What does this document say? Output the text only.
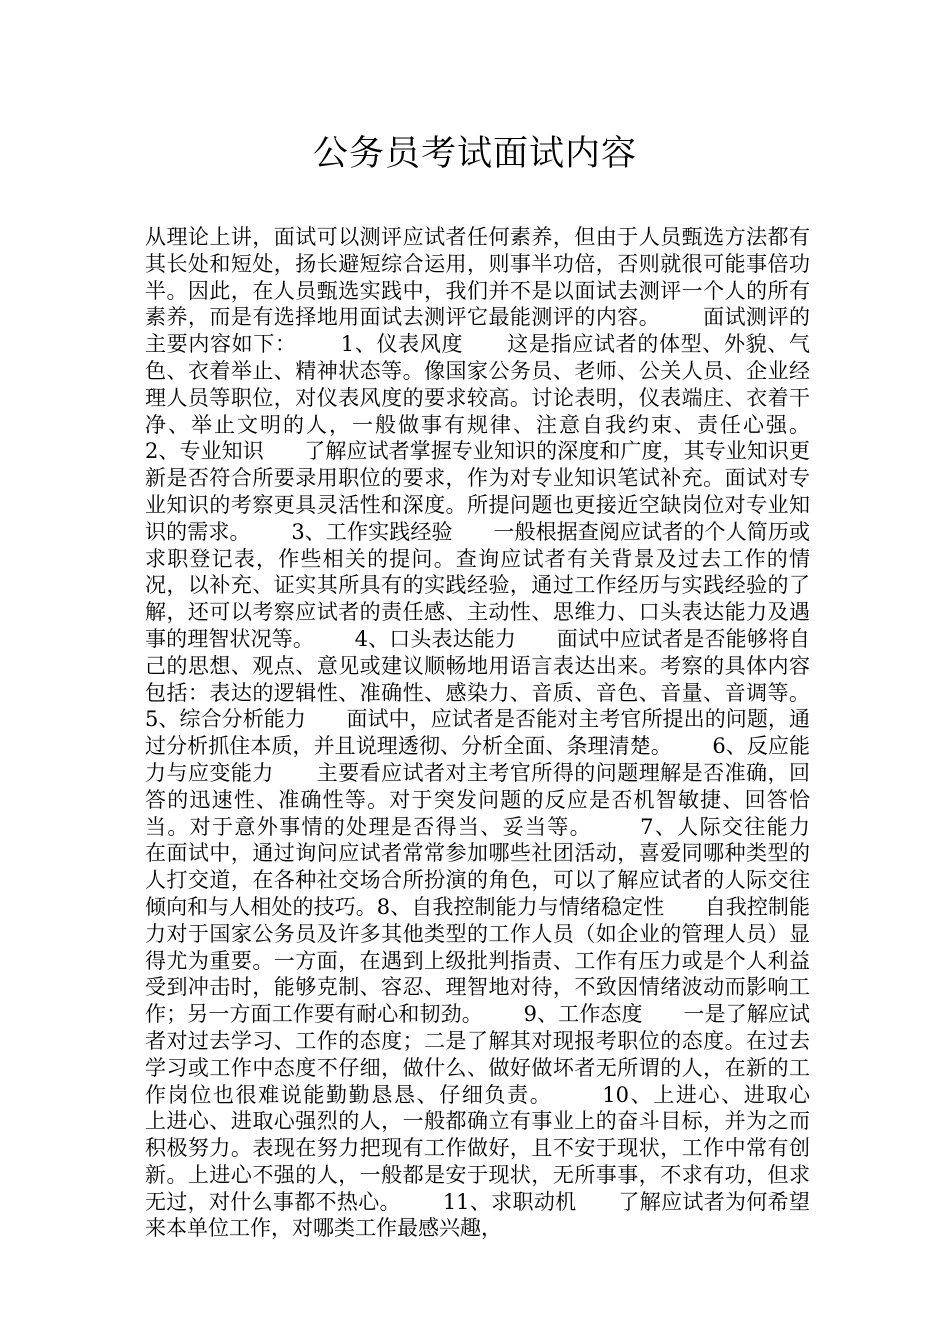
公务员考试面试内容

从理论上讲，面试可以测评应试者任何素养，但由于人员甄选方法都有其长处和短处，扬长避短综合运用，则事半功倍，否则就很可能事倍功半。因此，在人员甄选实践中，我们并不是以面试去测评一个人的所有素养，而是有选择地用面试去测评它最能测评的内容。      面试测评的主要内容如下：      1、仪表风度      这是指应试者的体型、外貌、气色、衣着举止、精神状态等。像国家公务员、老师、公关人员、企业经理人员等职位，对仪表风度的要求较高。讨论表明，仪表端庄、衣着干净、举止文明的人，一般做事有规律、注意自我约束、责任心强。      2、专业知识      了解应试者掌握专业知识的深度和广度，其专业知识更新是否符合所要录用职位的要求，作为对专业知识笔试补充。面试对专业知识的考察更具灵活性和深度。所提问题也更接近空缺岗位对专业知识的需求。      3、工作实践经验      一般根据查阅应试者的个人简历或求职登记表，作些相关的提问。查询应试者有关背景及过去工作的情况，以补充、证实其所具有的实践经验，通过工作经历与实践经验的了解，还可以考察应试者的责任感、主动性、思维力、口头表达能力及遇事的理智状况等。      4、口头表达能力      面试中应试者是否能够将自己的思想、观点、意见或建议顺畅地用语言表达出来。考察的具体内容包括：表达的逻辑性、准确性、感染力、音质、音色、音量、音调等。5、综合分析能力      面试中，应试者是否能对主考官所提出的问题，通过分析抓住本质，并且说理透彻、分析全面、条理清楚。      6、反应能力与应变能力      主要看应试者对主考官所得的问题理解是否准确，回答的迅速性、准确性等。对于突发问题的反应是否机智敏捷、回答恰当。对于意外事情的处理是否得当、妥当等。      7、人际交往能力      在面试中，通过询问应试者常常参加哪些社团活动，喜爱同哪种类型的人打交道，在各种社交场合所扮演的角色，可以了解应试者的人际交往倾向和与人相处的技巧。8、自我控制能力与情绪稳定性      自我控制能力对于国家公务员及许多其他类型的工作人员（如企业的管理人员）显得尤为重要。一方面，在遇到上级批判指责、工作有压力或是个人利益受到冲击时，能够克制、容忍、理智地对待，不致因情绪波动而影响工作；另一方面工作要有耐心和韧劲。      9、工作态度      一是了解应试者对过去学习、工作的态度；二是了解其对现报考职位的态度。在过去学习或工作中态度不仔细，做什么、做好做坏者无所谓的人，在新的工作岗位也很难说能勤勤恳恳、仔细负责。      10、上进心、进取心      上进心、进取心强烈的人，一般都确立有事业上的奋斗目标，并为之而积极努力。表现在努力把现有工作做好，且不安于现状，工作中常有创新。上进心不强的人，一般都是安于现状，无所事事，不求有功，但求无过，对什么事都不热心。      11、求职动机      了解应试者为何希望来本单位工作，对哪类工作最感兴趣，
